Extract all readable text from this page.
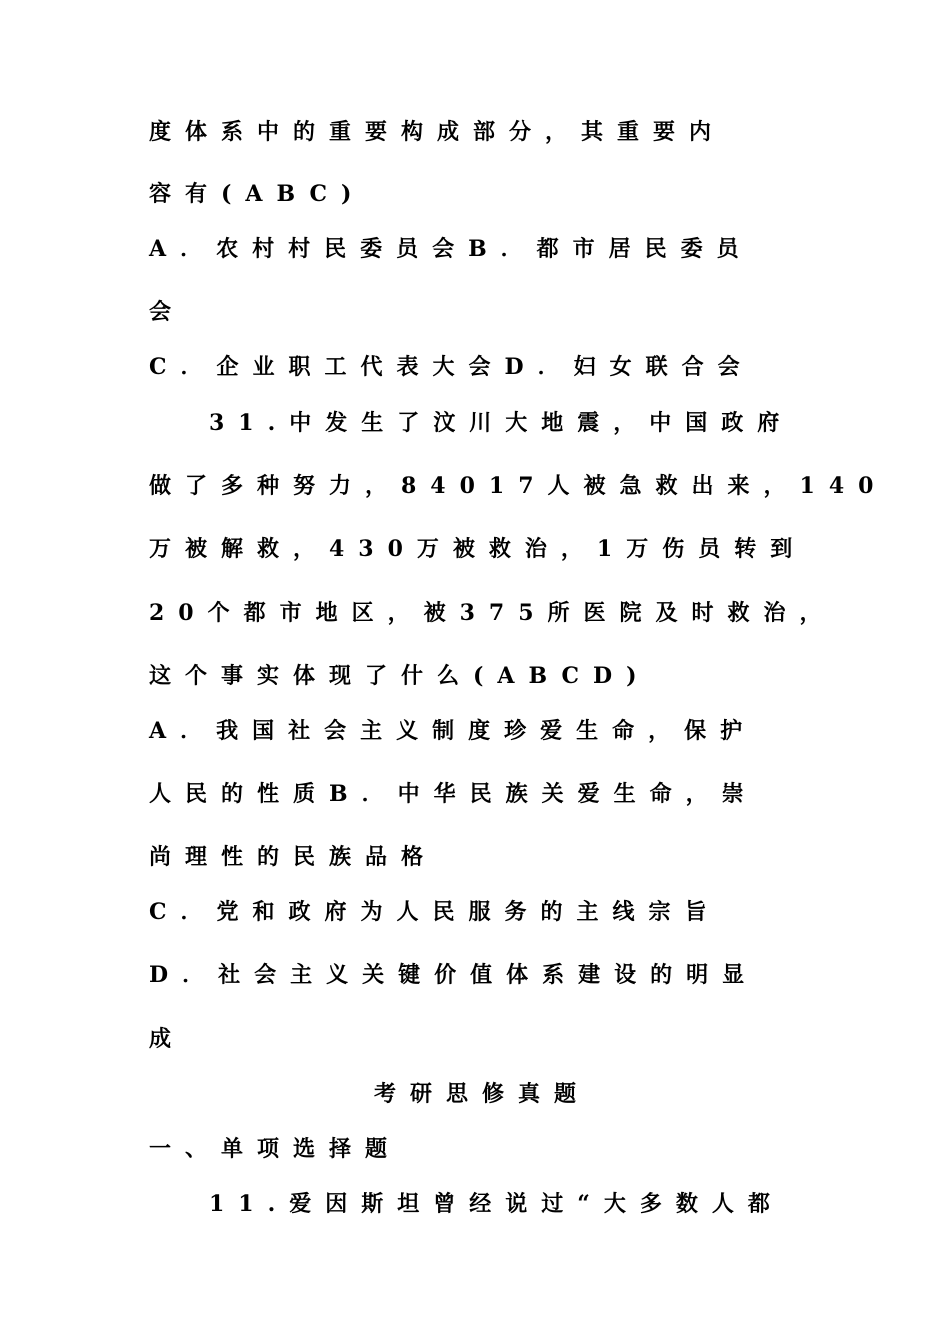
度体系中的重要构成部分，其重要内
容有(ABC)
A．农村村民委员会B．都市居民委员
会
C．企业职工代表大会D．妇女联合会
31.中发生了汶川大地震，中国政府
做了多种努力，84017人被急救出来，140
万被解救，430万被救治，1万伤员转到
20个都市地区，被375所医院及时救治，
这个事实体现了什么(ABCD)
A．我国社会主义制度珍爱生命，保护
人民的性质B．中华民族关爱生命，崇
尚理性的民族品格
C．党和政府为人民服务的主线宗旨
D．社会主义关键价值体系建设的明显
成
考研思修真题
一、单项选择题
11.爱因斯坦曾经说过“大多数人都
